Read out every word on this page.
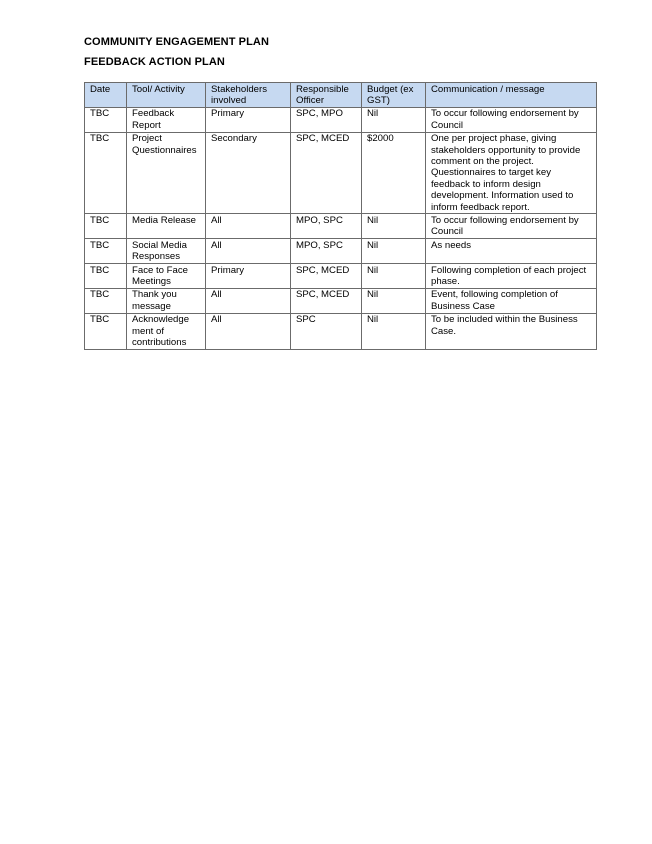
COMMUNITY ENGAGEMENT PLAN
FEEDBACK ACTION PLAN
Date	Tool/ Activity	Stakeholders involved	Responsible Officer	Budget (ex GST)	Communication / message
TBC	Feedback Report	Primary	SPC, MPO	Nil	To occur following endorsement by Council
TBC	Project Questionnaires	Secondary	SPC, MCED	$2000	One per project phase, giving stakeholders opportunity to provide comment on the project. Questionnaires to target key feedback to inform design development. Information used to inform feedback report.
TBC	Media Release	All	MPO, SPC	Nil	To occur following endorsement by Council
TBC	Social Media Responses	All	MPO, SPC	Nil	As needs
TBC	Face to Face Meetings	Primary	SPC, MCED	Nil	Following completion of each project phase.
TBC	Thank you message	All	SPC, MCED	Nil	Event, following completion of Business Case
TBC	Acknowledge ment of contributions	All	SPC	Nil	To be included within the Business Case.
